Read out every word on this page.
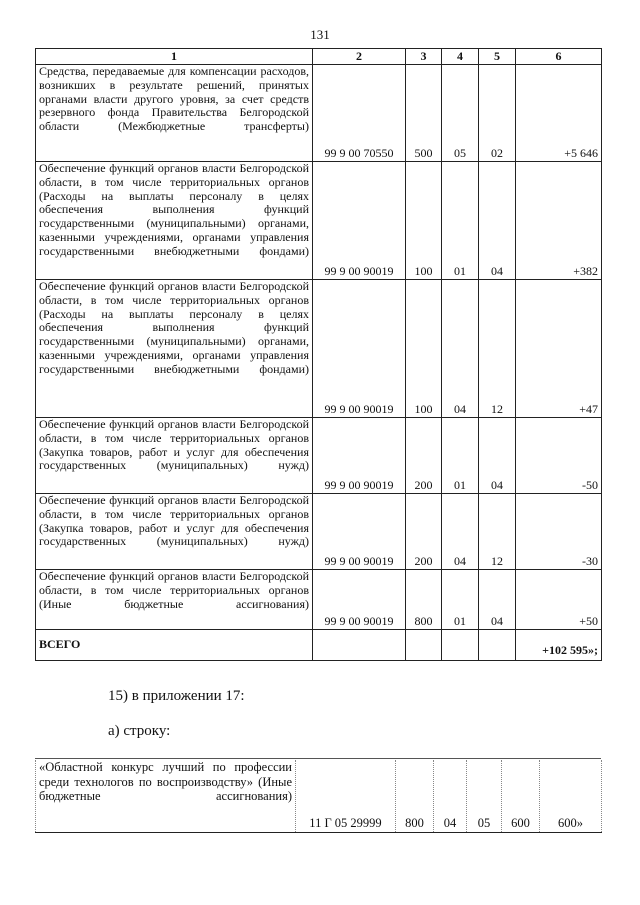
131
1	2	3	4	5	6
Средства, передаваемые для компенсации расходов, возникших в результате решений, принятых органами власти другого уровня, за счет средств резервного фонда Правительства Белгородской области (Межбюджетные трансферты)	99 9 00 70550	500	05	02	+5 646
Обеспечение функций органов власти Белгородской области, в том числе территориальных органов (Расходы на выплаты персоналу в целях обеспечения выполнения функций государственными (муниципальными) органами, казенными учреждениями, органами управления государственными внебюджетными фондами)	99 9 00 90019	100	01	04	+382
Обеспечение функций органов власти Белгородской области, в том числе территориальных органов (Расходы на выплаты персоналу в целях обеспечения выполнения функций государственными (муниципальными) органами, казенными учреждениями, органами управления государственными внебюджетными фондами)	99 9 00 90019	100	04	12	+47
Обеспечение функций органов власти Белгородской области, в том числе территориальных органов (Закупка товаров, работ и услуг для обеспечения государственных (муниципальных) нужд)	99 9 00 90019	200	01	04	-50
Обеспечение функций органов власти Белгородской области, в том числе территориальных органов (Закупка товаров, работ и услуг для обеспечения государственных (муниципальных) нужд)	99 9 00 90019	200	04	12	-30
Обеспечение функций органов власти Белгородской области, в том числе территориальных органов (Иные бюджетные ассигнования)	99 9 00 90019	800	01	04	+50
ВСЕГО					+102 595»;
15) в приложении 17:
а) строку:
«Областной конкурс лучший по профессии среди технологов по воспроизводству» (Иные бюджетные ассигнования)	11 Г 05 29999	800	04	05	600	600»
